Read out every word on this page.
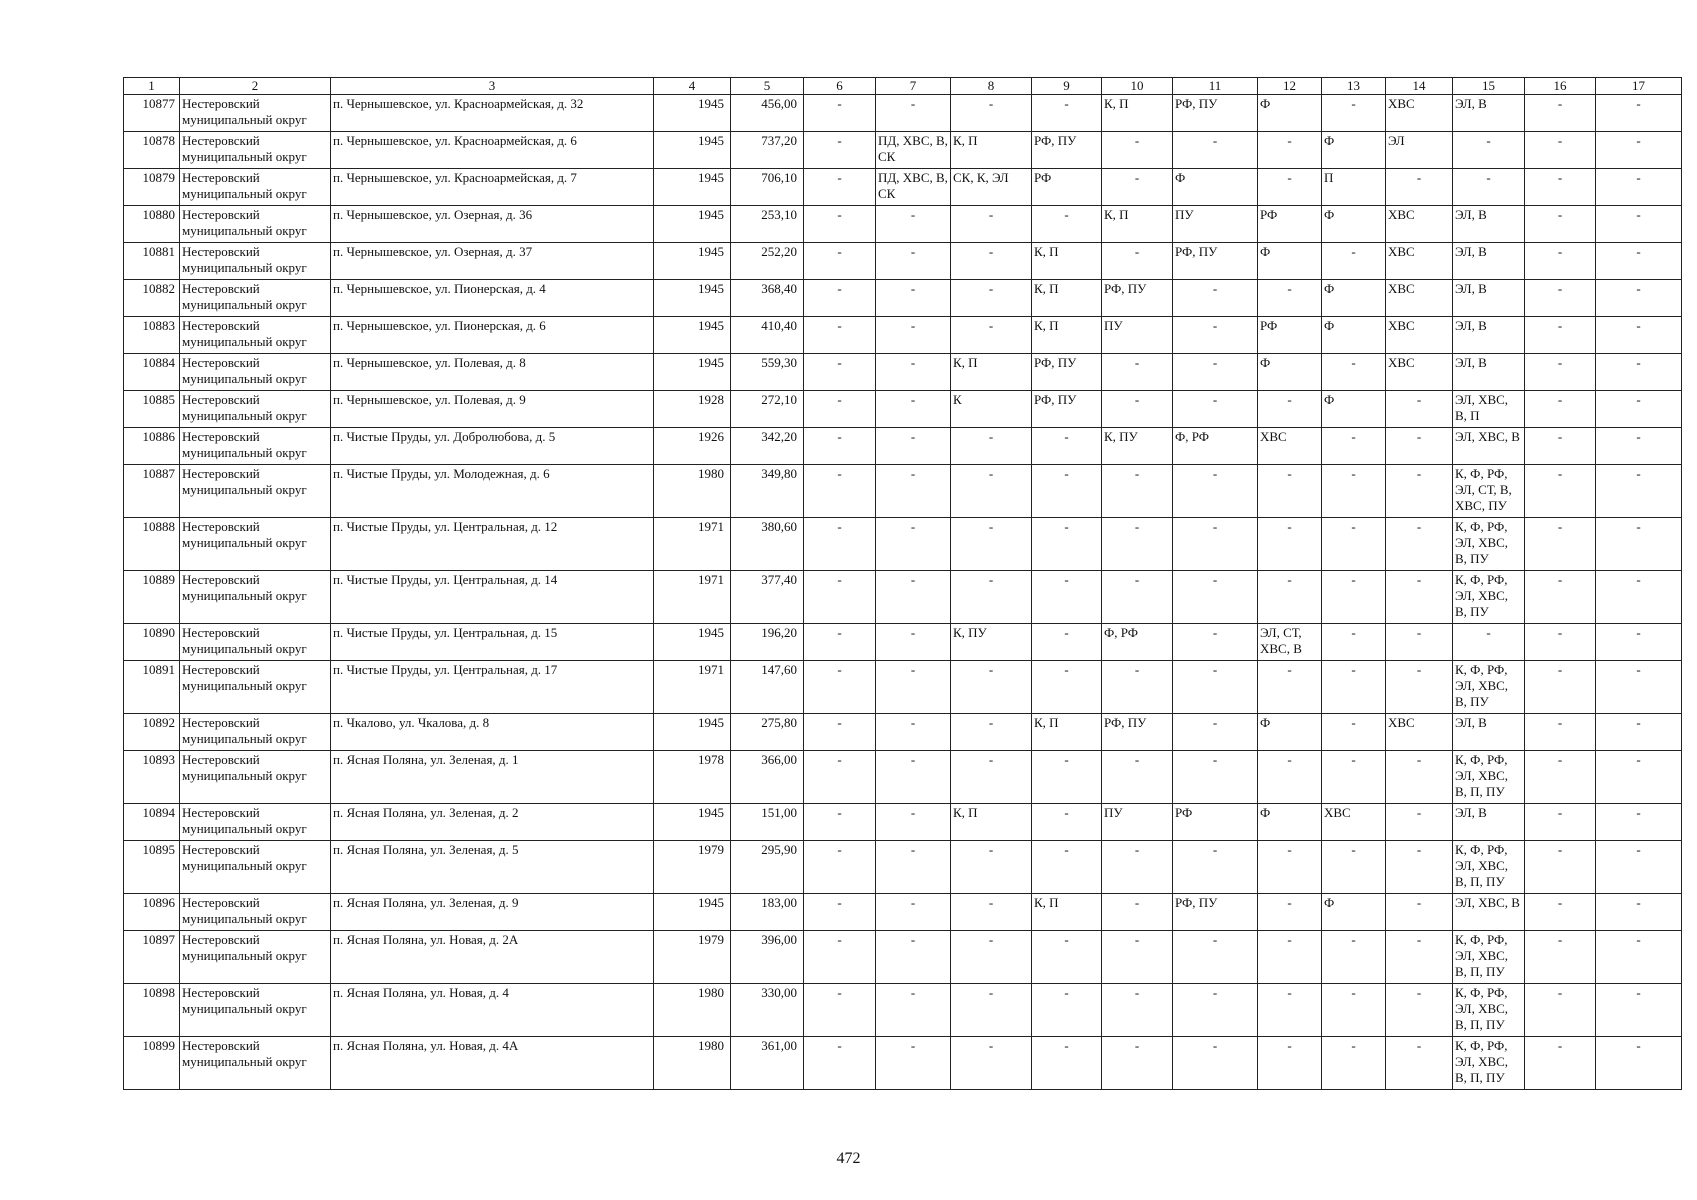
1	2	3	4	5	6	7	8	9	10	11	12	13	14	15	16	17
10877	Нестеровский муниципальный округ	п. Чернышевское, ул. Красноармейская, д. 32	1945	456,00	-	-	-	-	К, П	РФ, ПУ	Ф	-	ХВС	ЭЛ, В	-	-
10878	Нестеровский муниципальный округ	п. Чернышевское, ул. Красноармейская, д. 6	1945	737,20	-	ПД, ХВС, В, СК	К, П	РФ, ПУ	-	-	-	Ф	ЭЛ	-	-	-
10879	Нестеровский муниципальный округ	п. Чернышевское, ул. Красноармейская, д. 7	1945	706,10	-	ПД, ХВС, В, СК	СК, К, ЭЛ	РФ	-	Ф	-	П	-	-	-	-
10880	Нестеровский муниципальный округ	п. Чернышевское, ул. Озерная, д. 36	1945	253,10	-	-	-	-	К, П	ПУ	РФ	Ф	ХВС	ЭЛ, В	-	-
10881	Нестеровский муниципальный округ	п. Чернышевское, ул. Озерная, д. 37	1945	252,20	-	-	-	К, П	-	РФ, ПУ	Ф	-	ХВС	ЭЛ, В	-	-
10882	Нестеровский муниципальный округ	п. Чернышевское, ул. Пионерская, д. 4	1945	368,40	-	-	-	К, П	РФ, ПУ	-	-	Ф	ХВС	ЭЛ, В	-	-
10883	Нестеровский муниципальный округ	п. Чернышевское, ул. Пионерская, д. 6	1945	410,40	-	-	-	К, П	ПУ	-	РФ	Ф	ХВС	ЭЛ, В	-	-
10884	Нестеровский муниципальный округ	п. Чернышевское, ул. Полевая, д. 8	1945	559,30	-	-	К, П	РФ, ПУ	-	-	Ф	-	ХВС	ЭЛ, В	-	-
10885	Нестеровский муниципальный округ	п. Чернышевское, ул. Полевая, д. 9	1928	272,10	-	-	К	РФ, ПУ	-	-	-	Ф	-	ЭЛ, ХВС, В, П	-	-
10886	Нестеровский муниципальный округ	п. Чистые Пруды, ул. Добролюбова, д. 5	1926	342,20	-	-	-	-	К, ПУ	Ф, РФ	ХВС	-	-	ЭЛ, ХВС, В	-	-
10887	Нестеровский муниципальный округ	п. Чистые Пруды, ул. Молодежная, д. 6	1980	349,80	-	-	-	-	-	-	-	-	-	К, Ф, РФ, ЭЛ, СТ, В, ХВС, ПУ	-	-
10888	Нестеровский муниципальный округ	п. Чистые Пруды, ул. Центральная, д. 12	1971	380,60	-	-	-	-	-	-	-	-	-	К, Ф, РФ, ЭЛ, ХВС, В, ПУ	-	-
10889	Нестеровский муниципальный округ	п. Чистые Пруды, ул. Центральная, д. 14	1971	377,40	-	-	-	-	-	-	-	-	-	К, Ф, РФ, ЭЛ, ХВС, В, ПУ	-	-
10890	Нестеровский муниципальный округ	п. Чистые Пруды, ул. Центральная, д. 15	1945	196,20	-	-	К, ПУ	-	Ф, РФ	-	ЭЛ, СТ, ХВС, В	-	-	-	-	-
10891	Нестеровский муниципальный округ	п. Чистые Пруды, ул. Центральная, д. 17	1971	147,60	-	-	-	-	-	-	-	-	-	К, Ф, РФ, ЭЛ, ХВС, В, ПУ	-	-
10892	Нестеровский муниципальный округ	п. Чкалово, ул. Чкалова, д. 8	1945	275,80	-	-	-	К, П	РФ, ПУ	-	Ф	-	ХВС	ЭЛ, В	-	-
10893	Нестеровский муниципальный округ	п. Ясная Поляна, ул. Зеленая, д. 1	1978	366,00	-	-	-	-	-	-	-	-	-	К, Ф, РФ, ЭЛ, ХВС, В, П, ПУ	-	-
10894	Нестеровский муниципальный округ	п. Ясная Поляна, ул. Зеленая, д. 2	1945	151,00	-	-	К, П	-	ПУ	РФ	Ф	ХВС	-	ЭЛ, В	-	-
10895	Нестеровский муниципальный округ	п. Ясная Поляна, ул. Зеленая, д. 5	1979	295,90	-	-	-	-	-	-	-	-	-	К, Ф, РФ, ЭЛ, ХВС, В, П, ПУ	-	-
10896	Нестеровский муниципальный округ	п. Ясная Поляна, ул. Зеленая, д. 9	1945	183,00	-	-	-	К, П	-	РФ, ПУ	-	Ф	-	ЭЛ, ХВС, В	-	-
10897	Нестеровский муниципальный округ	п. Ясная Поляна, ул. Новая, д. 2А	1979	396,00	-	-	-	-	-	-	-	-	-	К, Ф, РФ, ЭЛ, ХВС, В, П, ПУ	-	-
10898	Нестеровский муниципальный округ	п. Ясная Поляна, ул. Новая, д. 4	1980	330,00	-	-	-	-	-	-	-	-	-	К, Ф, РФ, ЭЛ, ХВС, В, П, ПУ	-	-
10899	Нестеровский муниципальный округ	п. Ясная Поляна, ул. Новая, д. 4А	1980	361,00	-	-	-	-	-	-	-	-	-	К, Ф, РФ, ЭЛ, ХВС, В, П, ПУ	-	-
472
